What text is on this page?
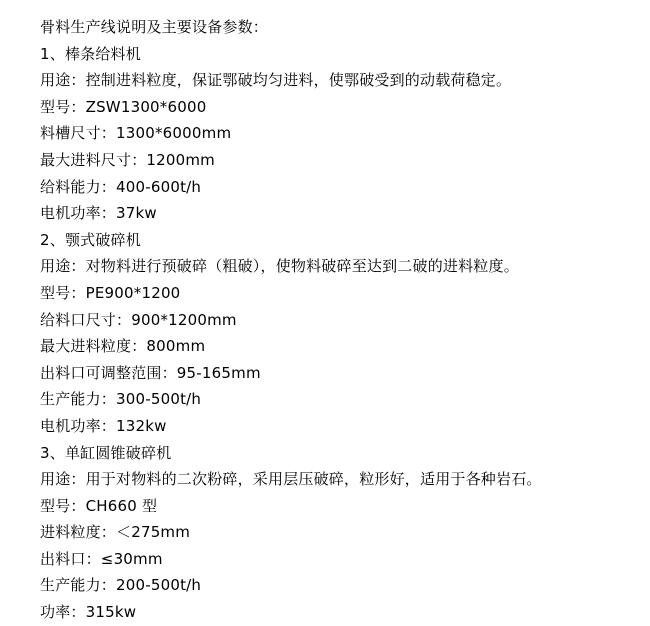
骨料生产线说明及主要设备参数：
1、棒条给料机
用途：控制进料粒度，保证鄂破均匀进料，使鄂破受到的动载荷稳定。
型号：ZSW1300*6000
料槽尺寸：1300*6000mm
最大进料尺寸：1200mm
给料能力：400-600t/h
电机功率：37kw
2、颚式破碎机
用途：对物料进行预破碎（粗破），使物料破碎至达到二破的进料粒度。
型号：PE900*1200
给料口尺寸：900*1200mm
最大进料粒度：800mm
出料口可调整范围：95-165mm
生产能力：300-500t/h
电机功率：132kw
3、单缸圆锥破碎机
用途：用于对物料的二次粉碎，采用层压破碎，粒形好，适用于各种岩石。
型号：CH660 型
进料粒度：＜275mm
出料口：≤30mm
生产能力：200-500t/h
功率：315kw
